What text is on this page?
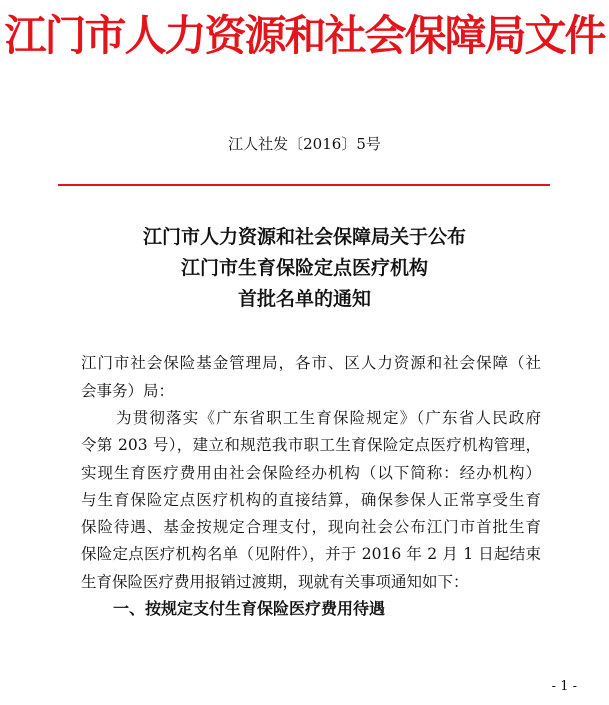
江门市人力资源和社会保障局文件
江人社发〔2016〕5号
江门市人力资源和社会保障局关于公布
江门市生育保险定点医疗机构
首批名单的通知
江门市社会保险基金管理局，各市、区人力资源和社会保障（社
会事务）局：
为贯彻落实《广东省职工生育保险规定》（广东省人民政府
令第 203 号），建立和规范我市职工生育保险定点医疗机构管理，
实现生育医疗费用由社会保险经办机构（以下简称：经办机构）
与生育保险定点医疗机构的直接结算，确保参保人正常享受生育
保险待遇、基金按规定合理支付，现向社会公布江门市首批生育
保险定点医疗机构名单（见附件），并于 2016 年 2 月 1 日起结束
生育保险医疗费用报销过渡期，现就有关事项通知如下：
一、按规定支付生育保险医疗费用待遇
- 1 -
